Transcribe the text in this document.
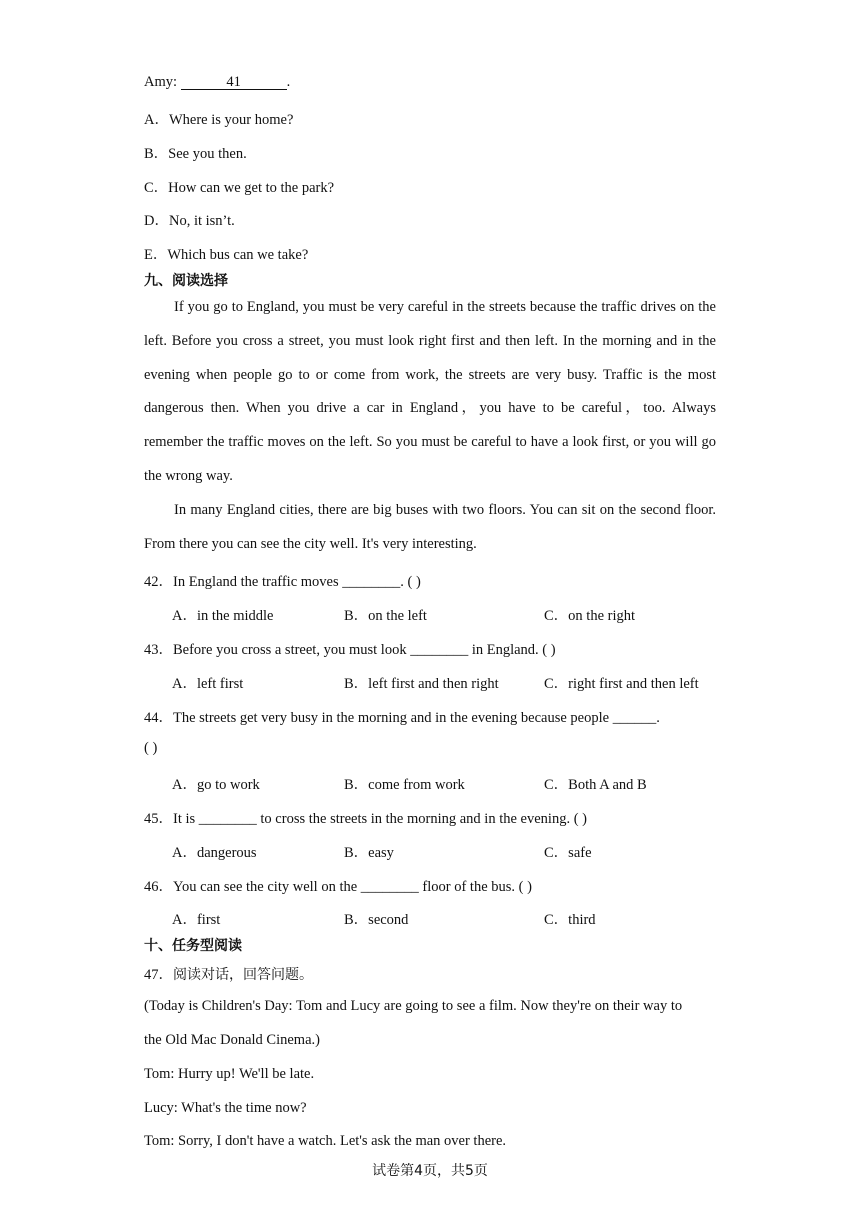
Amy:	41	.
A．Where is your home?
B．See you then.
C．How can we get to the park?
D．No, it isn’t.
E．Which bus can we take?
九、阅读选择
If you go to England, you must be very careful in the streets because the traffic drives on the left. Before you cross a street, you must look right first and then left. In the morning and in the evening when people go to or come from work, the streets are very busy. Traffic is the most dangerous then. When you drive a car in England，you have to be careful，too. Always remember the traffic moves on the left. So you must be careful to have a look first, or you will go the wrong way.
In many England cities, there are big buses with two floors. You can sit on the second floor. From there you can see the city well. It's very interesting.
42．In England the traffic moves ________. ( )
A．in the middle	B．on the left	C．on the right
43．Before you cross a street, you must look ________ in England. ( )
A．left first	B．left first and then right	C．right first and then left
44．The streets get very busy in the morning and in the evening because people ______.
( )
A．go to work	B．come from work	C．Both A and B
45．It is ________ to cross the streets in the morning and in the evening. ( )
A．dangerous	B．easy	C．safe
46．You can see the city well on the ________ floor of the bus. ( )
A．first	B．second	C．third
十、任务型阅读
47．阅读对话，回答问题。
(Today is Children's Day: Tom and Lucy are going to see a film. Now they're on their way to
the Old Mac Donald Cinema.)
Tom: Hurry up! We'll be late.
Lucy: What's the time now?
Tom: Sorry, I don't have a watch. Let's ask the man over there.
试卷第4页，共5页
